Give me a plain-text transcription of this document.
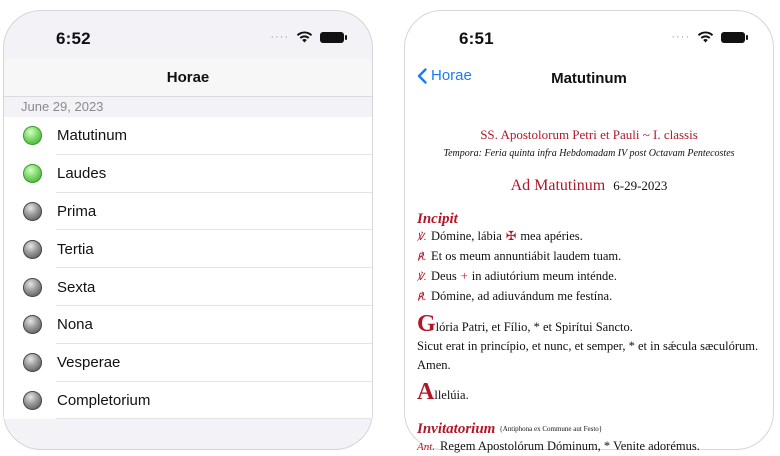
6:52	····
Horae
June 29, 2023
Matutinum
Laudes
Prima
Tertia
Sexta
Nona
Vesperae
Completorium
6:51	····
Horae	Matutinum
SS. Apostolorum Petri et Pauli ~ I. classis
Tempora: Feria quinta infra Hebdomadam IV post Octavam Pentecostes
Ad Matutinum 6-29-2023
Incipit
℣. Dómine, lábia ✠ mea apéries.
℟. Et os meum annuntiábit laudem tuam.
℣. Deus + in adiutórium meum inténde.
℟. Dómine, ad adiuvándum me festína.
Glória Patri, et Fílio, * et Spirítui Sancto.
Sicut erat in princípio, et nunc, et semper, * et in sǽcula sæculórum. Amen.
Allelúia.
Invitatorium {Antiphona ex Commune aut Festo}
Ant. Regem Apostolórum Dóminum, * Venite adorémus.
